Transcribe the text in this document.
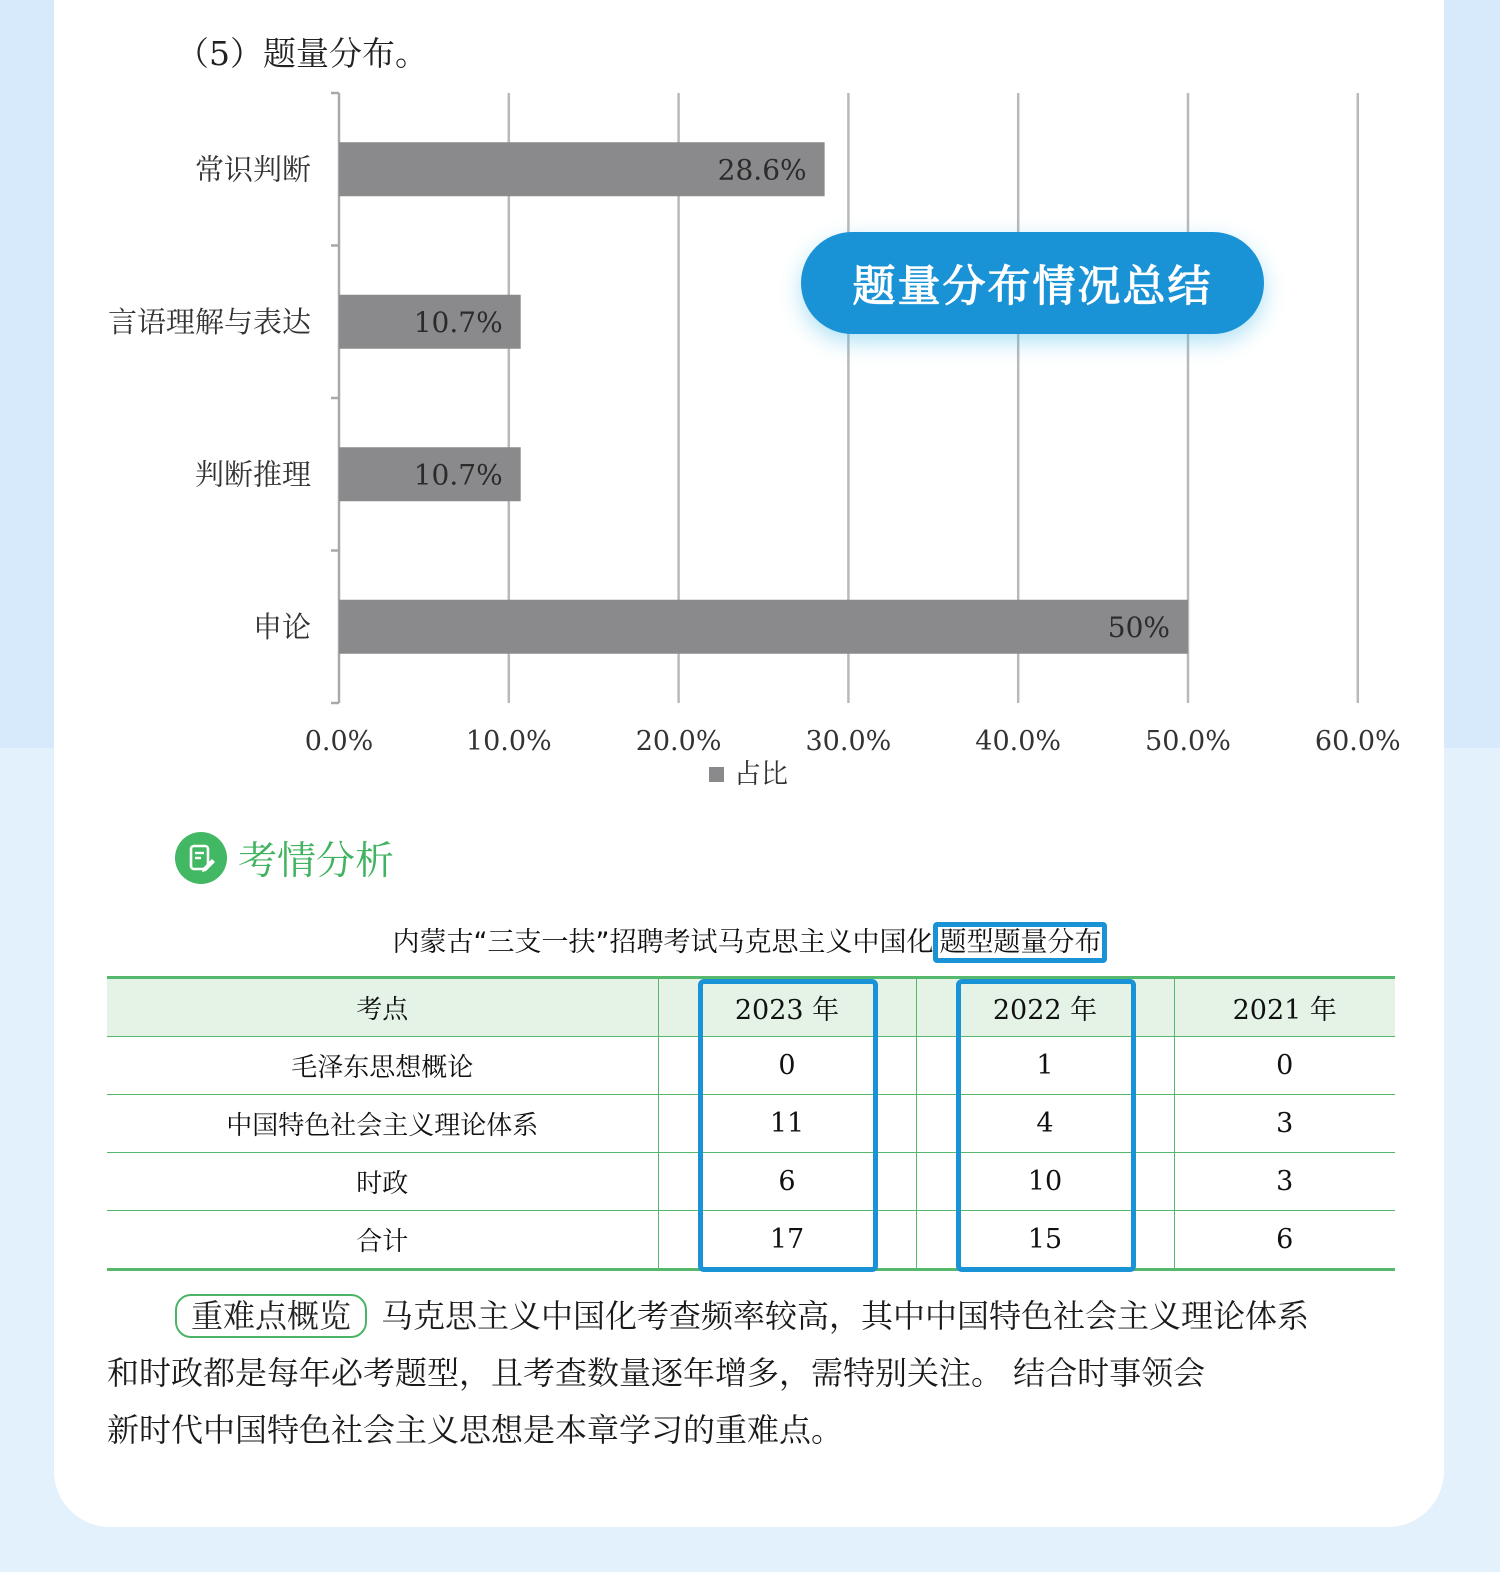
（5）题量分布。
0.0%	10.0%	20.0%	30.0%	40.0%	50.0%	60.0%
28.6%
常识判断
10.7%
言语理解与表达
10.7%
判断推理
50%
申论
占比
题量分布情况总结
考情分析
内蒙古“三支一扶”招聘考试马克思主义中国化 题型题量分布
考点	2023 年	2022 年	2021 年
毛泽东思想概论	0	1	0
中国特色社会主义理论体系	11	4	3
时政	6	10	3
合计	17	15	6
重难点概览 马克思主义中国化考查频率较高，其中中国特色社会主义理论体系
和时政都是每年必考题型，且考查数量逐年增多，需特别关注。 结合时事领会
新时代中国特色社会主义思想是本章学习的重难点。
